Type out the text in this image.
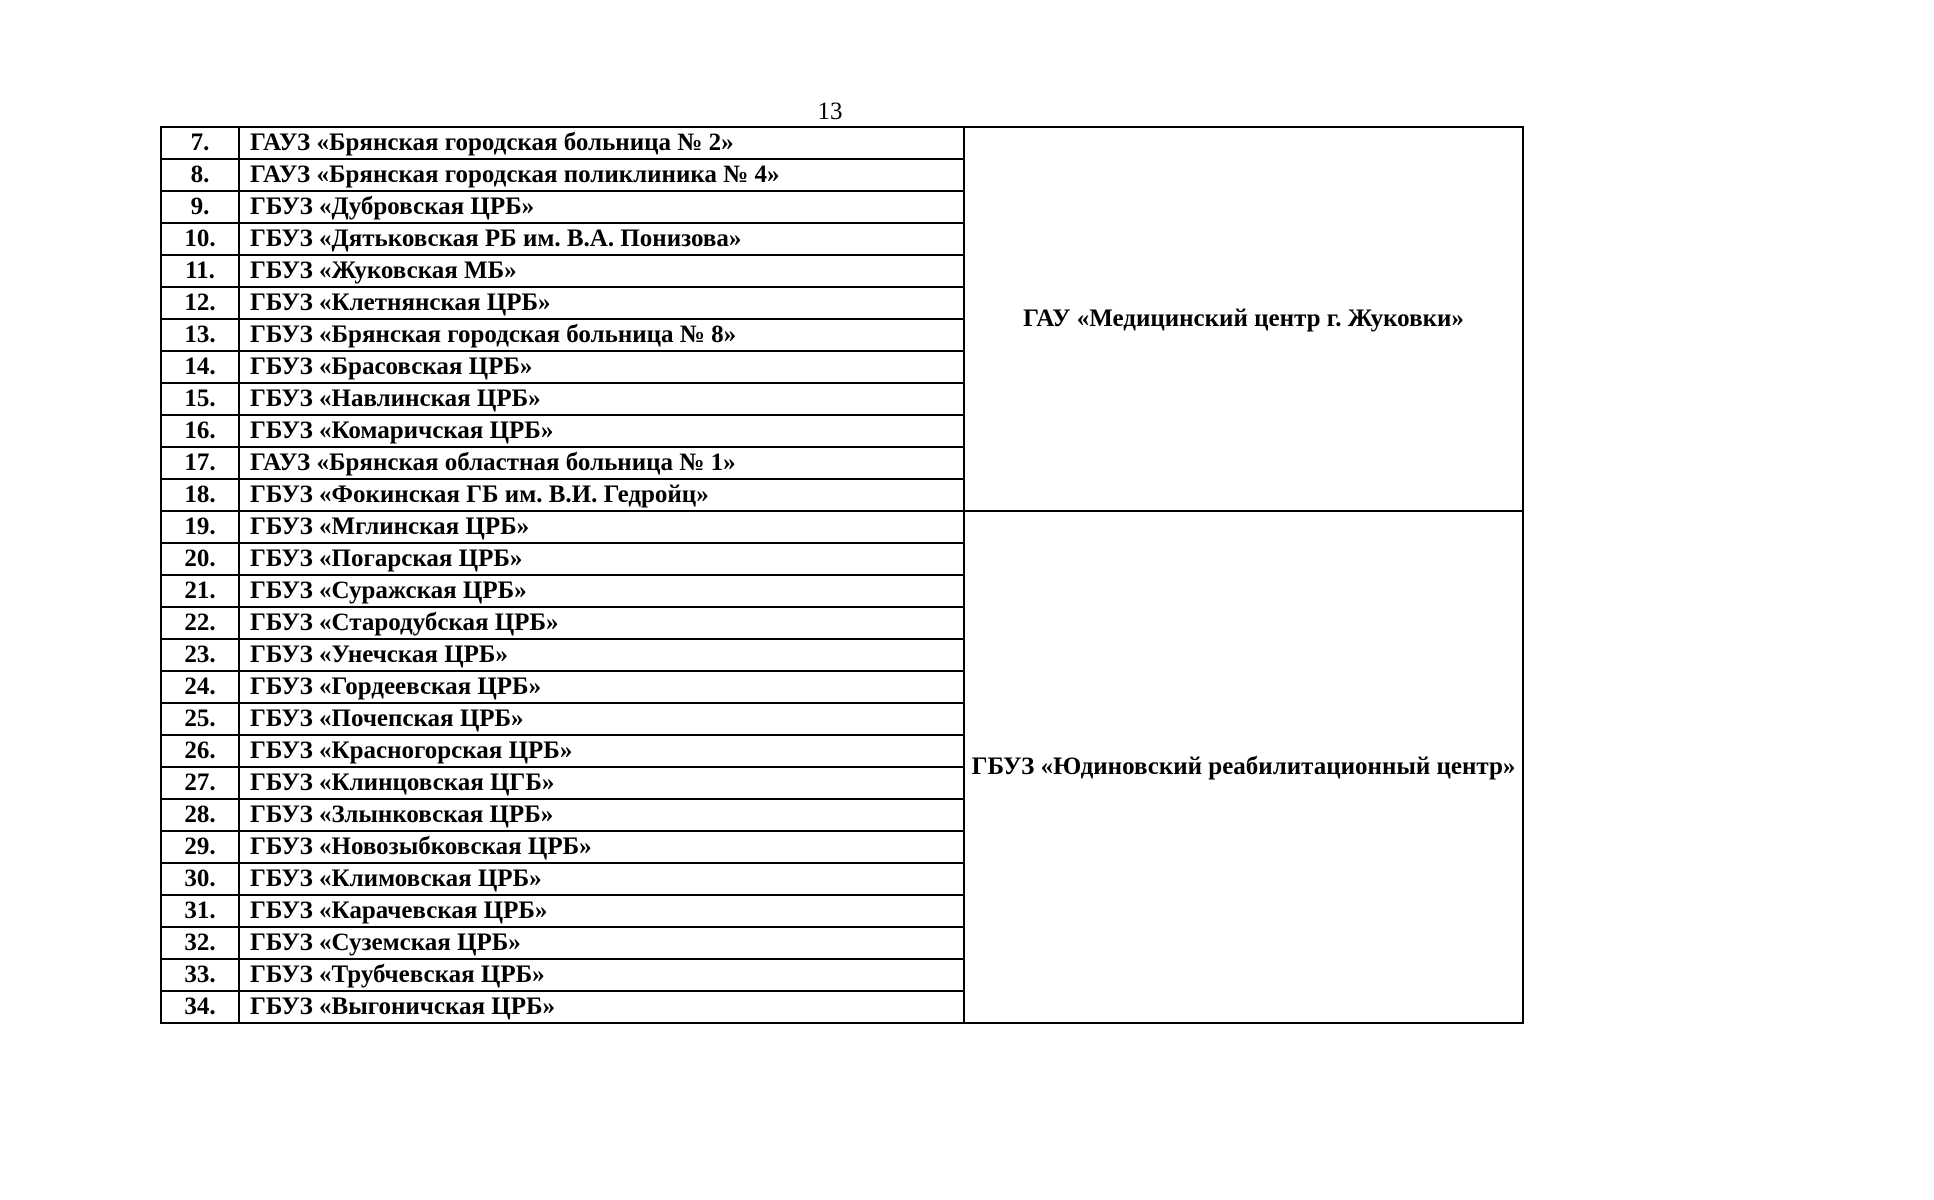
13
7.	ГАУЗ «Брянская городская больница № 2»	ГАУ «Медицинский центр г. Жуковки»
8.	ГАУЗ «Брянская городская поликлиника № 4»	
9.	ГБУЗ «Дубровская ЦРБ»	
10.	ГБУЗ «Дятьковская РБ им. В.А. Понизова»	
11.	ГБУЗ «Жуковская МБ»	
12.	ГБУЗ «Клетнянская ЦРБ»	
13.	ГБУЗ «Брянская городская больница № 8»	
14.	ГБУЗ «Брасовская ЦРБ»	
15.	ГБУЗ «Навлинская ЦРБ»	
16.	ГБУЗ «Комаричская ЦРБ»	
17.	ГАУЗ «Брянская областная больница № 1»	
18.	ГБУЗ «Фокинская ГБ им. В.И. Гедройц»	
19.	ГБУЗ «Мглинская ЦРБ»	ГБУЗ «Юдиновский реабилитационный центр»
20.	ГБУЗ «Погарская ЦРБ»	
21.	ГБУЗ «Суражская ЦРБ»	
22.	ГБУЗ «Стародубская ЦРБ»	
23.	ГБУЗ «Унечская ЦРБ»	
24.	ГБУЗ «Гордеевская ЦРБ»	
25.	ГБУЗ «Почепская ЦРБ»	
26.	ГБУЗ «Красногорская ЦРБ»	
27.	ГБУЗ «Клинцовская ЦГБ»	
28.	ГБУЗ «Злынковская ЦРБ»	
29.	ГБУЗ «Новозыбковская ЦРБ»	
30.	ГБУЗ «Климовская ЦРБ»	
31.	ГБУЗ «Карачевская ЦРБ»	
32.	ГБУЗ «Суземская ЦРБ»	
33.	ГБУЗ «Трубчевская ЦРБ»	
34.	ГБУЗ «Выгоничская ЦРБ»	
